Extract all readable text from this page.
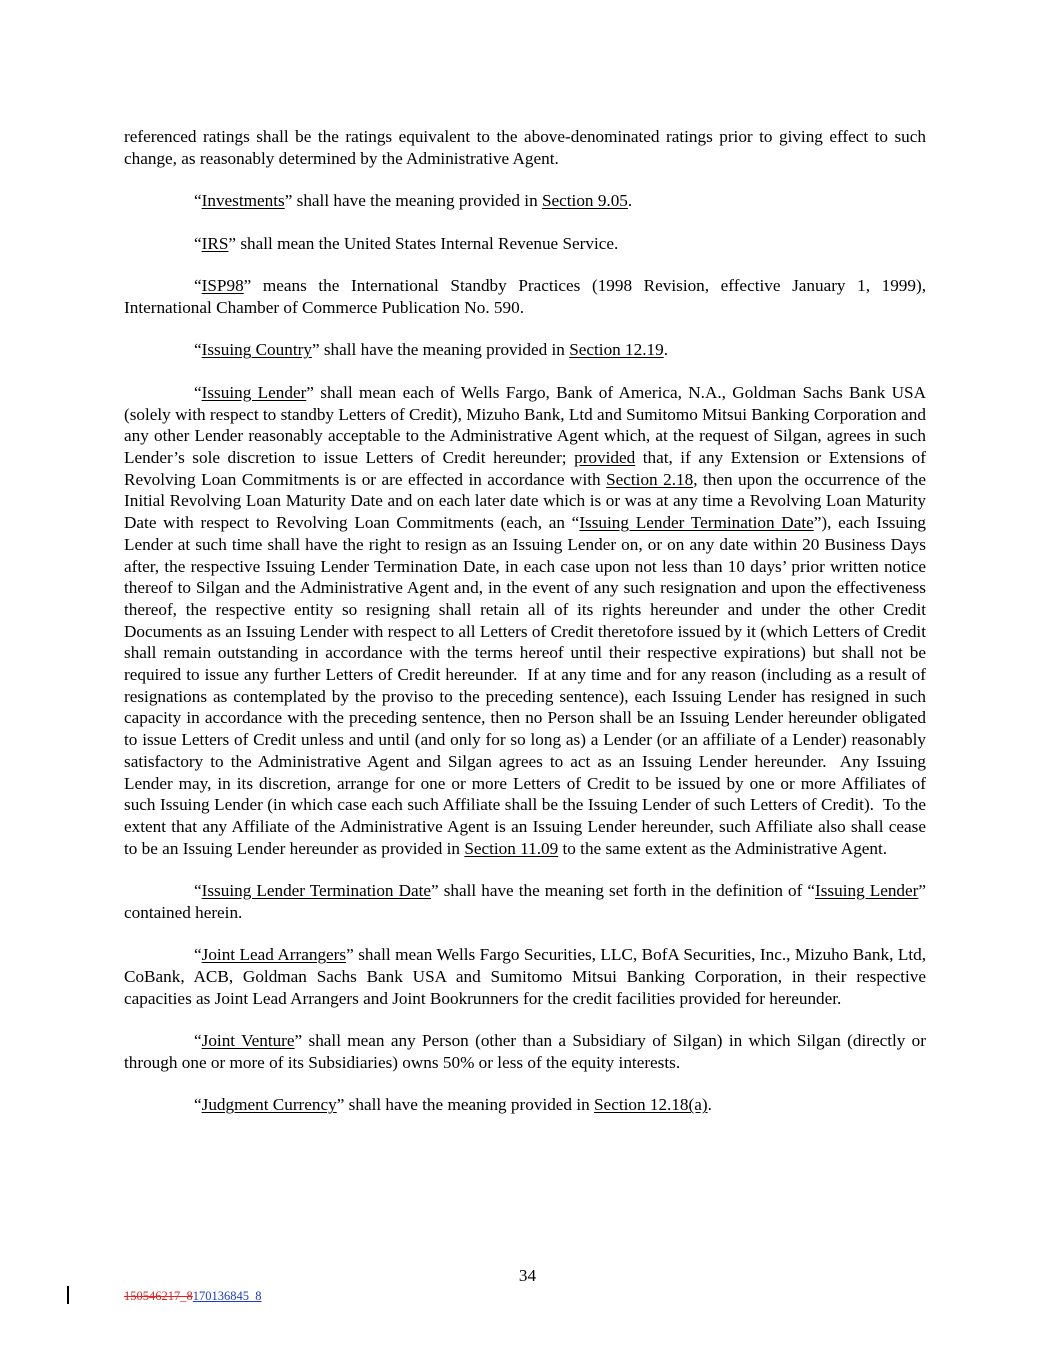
referenced ratings shall be the ratings equivalent to the above-denominated ratings prior to giving effect to such change, as reasonably determined by the Administrative Agent.

“Investments” shall have the meaning provided in Section 9.05.

“IRS” shall mean the United States Internal Revenue Service.

“ISP98” means the International Standby Practices (1998 Revision, effective January 1, 1999), International Chamber of Commerce Publication No. 590.

“Issuing Country” shall have the meaning provided in Section 12.19.

“Issuing Lender” shall mean each of Wells Fargo, Bank of America, N.A., Goldman Sachs Bank USA (solely with respect to standby Letters of Credit), Mizuho Bank, Ltd and Sumitomo Mitsui Banking Corporation and any other Lender reasonably acceptable to the Administrative Agent which, at the request of Silgan, agrees in such Lender’s sole discretion to issue Letters of Credit hereunder; provided that, if any Extension or Extensions of Revolving Loan Commitments is or are effected in accordance with Section 2.18, then upon the occurrence of the Initial Revolving Loan Maturity Date and on each later date which is or was at any time a Revolving Loan Maturity Date with respect to Revolving Loan Commitments (each, an “Issuing Lender Termination Date”), each Issuing Lender at such time shall have the right to resign as an Issuing Lender on, or on any date within 20 Business Days after, the respective Issuing Lender Termination Date, in each case upon not less than 10 days’ prior written notice thereof to Silgan and the Administrative Agent and, in the event of any such resignation and upon the effectiveness thereof, the respective entity so resigning shall retain all of its rights hereunder and under the other Credit Documents as an Issuing Lender with respect to all Letters of Credit theretofore issued by it (which Letters of Credit shall remain outstanding in accordance with the terms hereof until their respective expirations) but shall not be required to issue any further Letters of Credit hereunder.  If at any time and for any reason (including as a result of resignations as contemplated by the proviso to the preceding sentence), each Issuing Lender has resigned in such capacity in accordance with the preceding sentence, then no Person shall be an Issuing Lender hereunder obligated to issue Letters of Credit unless and until (and only for so long as) a Lender (or an affiliate of a Lender) reasonably satisfactory to the Administrative Agent and Silgan agrees to act as an Issuing Lender hereunder.  Any Issuing Lender may, in its discretion, arrange for one or more Letters of Credit to be issued by one or more Affiliates of such Issuing Lender (in which case each such Affiliate shall be the Issuing Lender of such Letters of Credit).  To the extent that any Affiliate of the Administrative Agent is an Issuing Lender hereunder, such Affiliate also shall cease to be an Issuing Lender hereunder as provided in Section 11.09 to the same extent as the Administrative Agent.

“Issuing Lender Termination Date” shall have the meaning set forth in the definition of “Issuing Lender” contained herein.

“Joint Lead Arrangers” shall mean Wells Fargo Securities, LLC, BofA Securities, Inc., Mizuho Bank, Ltd, CoBank, ACB, Goldman Sachs Bank USA and Sumitomo Mitsui Banking Corporation, in their respective capacities as Joint Lead Arrangers and Joint Bookrunners for the credit facilities provided for hereunder.

“Joint Venture” shall mean any Person (other than a Subsidiary of Silgan) in which Silgan (directly or through one or more of its Subsidiaries) owns 50% or less of the equity interests.

“Judgment Currency” shall have the meaning provided in Section 12.18(a).

34
150546217_8170136845_8
